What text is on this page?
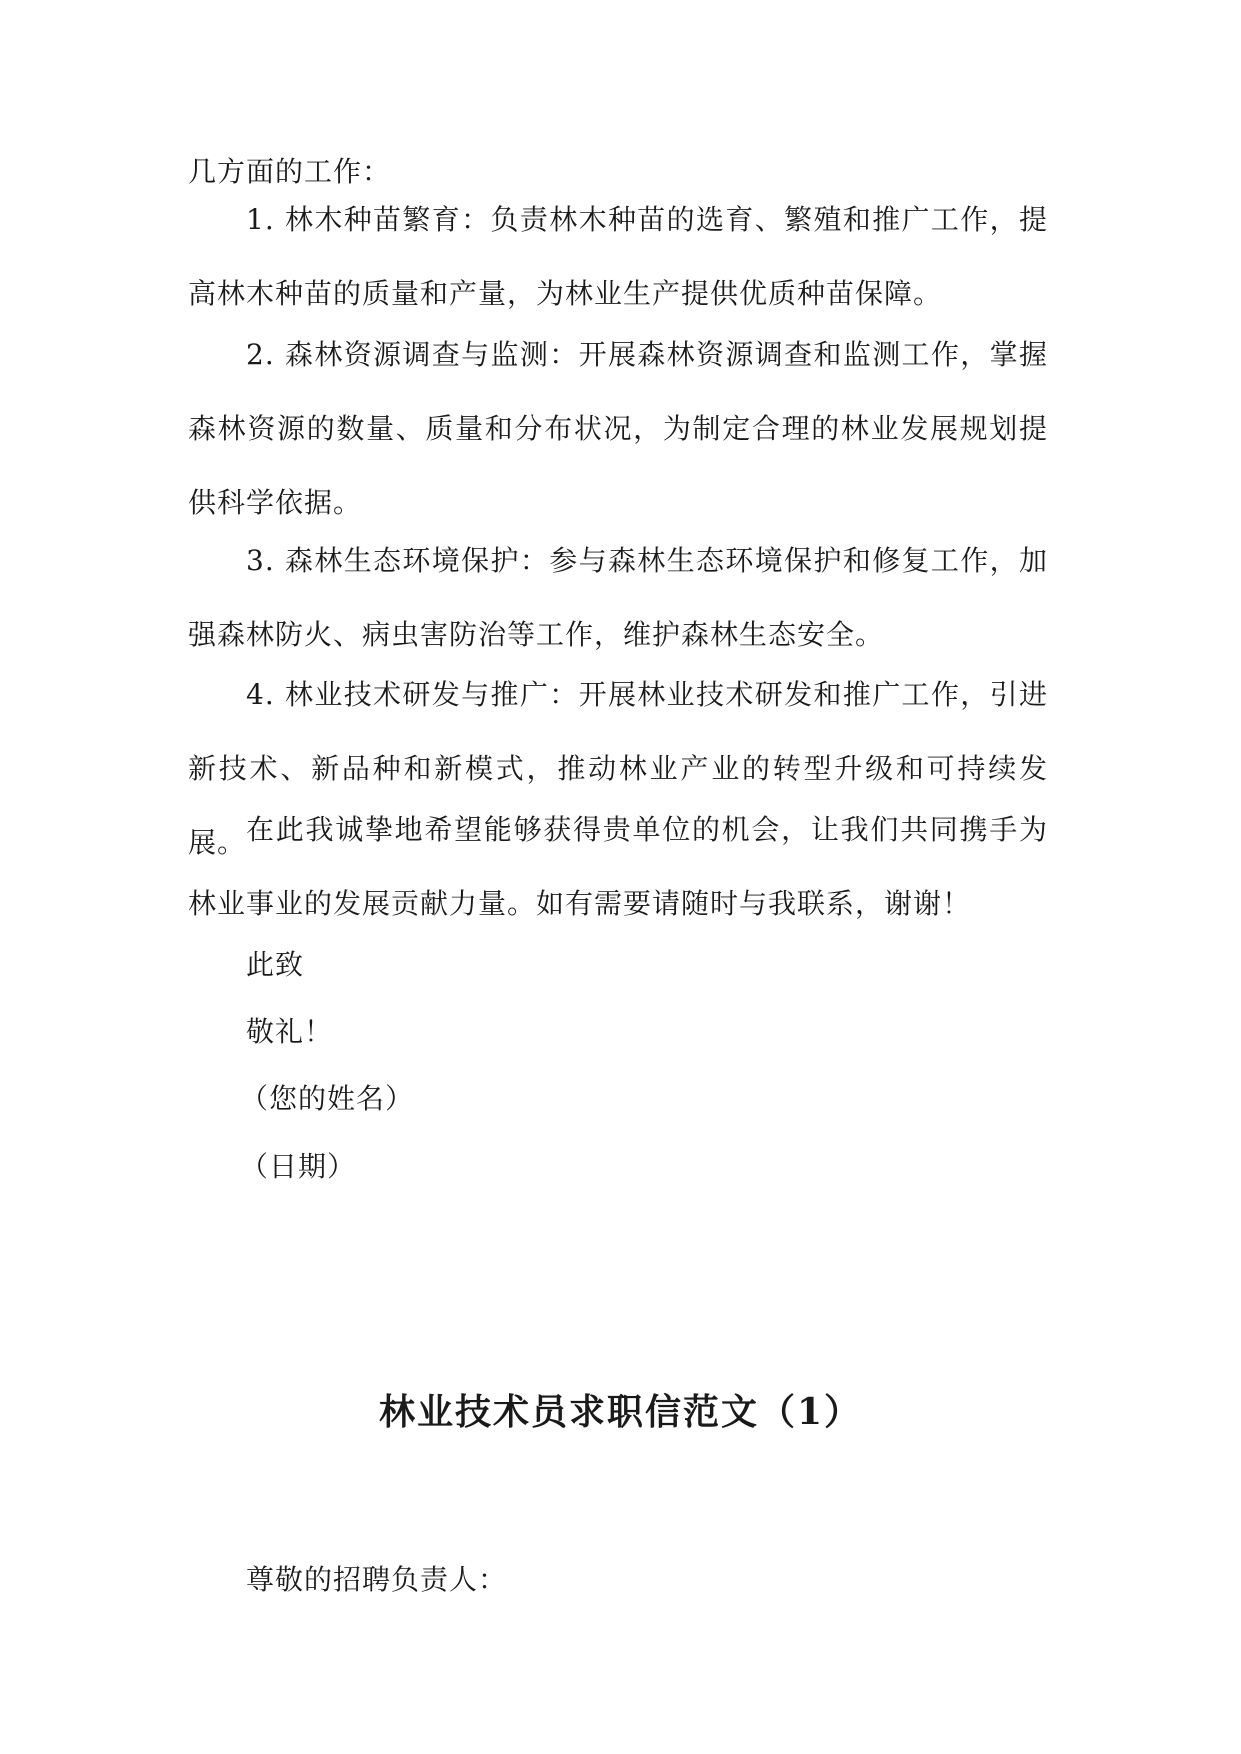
几方面的工作：

1. 林木种苗繁育：负责林木种苗的选育、繁殖和推广工作，提高林木种苗的质量和产量，为林业生产提供优质种苗保障。

2. 森林资源调查与监测：开展森林资源调查和监测工作，掌握森林资源的数量、质量和分布状况，为制定合理的林业发展规划提供科学依据。

3. 森林生态环境保护：参与森林生态环境保护和修复工作，加强森林防火、病虫害防治等工作，维护森林生态安全。

4. 林业技术研发与推广：开展林业技术研发和推广工作，引进新技术、新品种和新模式，推动林业产业的转型升级和可持续发展。 在此我诚挚地希望能够获得贵单位的机会，让我们共同携手为林业事业的发展贡献力量。如有需要请随时与我联系，谢谢！

此致

敬礼！

（您的姓名）

（日期）

林业技术员求职信范文（1）

尊敬的招聘负责人：
